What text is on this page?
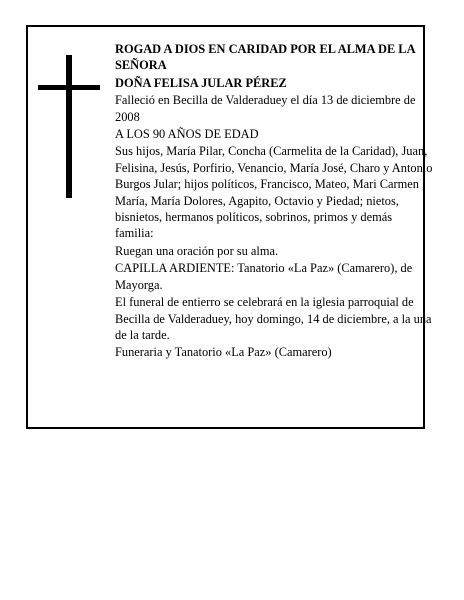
ROGAD A DIOS EN CARIDAD POR EL ALMA DE LA SEÑORA

DOÑA FELISA JULAR PÉREZ

Falleció en Becilla de Valderaduey el día 13 de diciembre de 2008

A LOS 90 AÑOS DE EDAD

Sus hijos, María Pilar, Concha (Carmelita de la Caridad), Juan, Felisina, Jesús, Porfirio, Venancio, María José, Charo y Antonio Burgos Jular; hijos políticos, Francisco, Mateo, Mari Carmen , María, María Dolores, Agapito, Octavio y Piedad; nietos, bisnietos, hermanos políticos, sobrinos, primos y demás familia:

Ruegan una oración por su alma.

CAPILLA ARDIENTE: Tanatorio «La Paz» (Camarero), de Mayorga.

El funeral de entierro se celebrará en la iglesia parroquial de Becilla de Valderaduey, hoy domingo, 14 de diciembre, a la una de la tarde.

Funeraria y Tanatorio «La Paz» (Camarero)
